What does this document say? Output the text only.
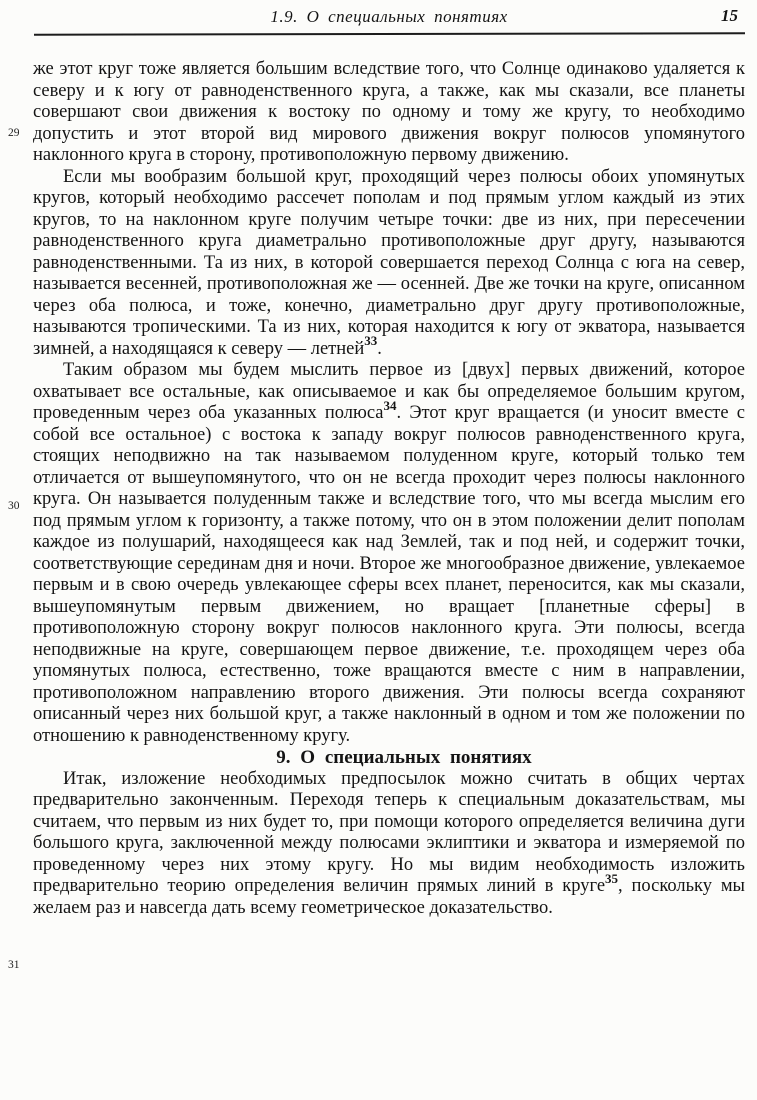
1.9. О специальных понятиях	15
29
30
31

же этот круг тоже является большим вследствие того, что Солнце одинаково удаляется к северу и к югу от равноденственного круга, а также, как мы сказали, все планеты совершают свои движения к востоку по одному и тому же кругу, то необходимо допустить и этот второй вид мирового движения вокруг полюсов упомянутого наклонного круга в сторону, противоположную первому движению.

Если мы вообразим большой круг, проходящий через полюсы обоих упомянутых кругов, который необходимо рассечет пополам и под прямым углом каждый из этих кругов, то на наклонном круге получим четыре точки: две из них, при пересечении равноденственного круга диаметрально противоположные друг другу, называются равноденственными. Та из них, в которой совершается переход Солнца с юга на север, называется весенней, противоположная же — осенней. Две же точки на круге, описанном через оба полюса, и тоже, конечно, диаметрально друг другу противоположные, называются тропическими. Та из них, которая находится к югу от экватора, называется зимней, а находящаяся к северу — летней$^{33}$.

Таким образом мы будем мыслить первое из [двух] первых движений, которое охватывает все остальные, как описываемое и как бы определяемое большим кругом, проведенным через оба указанных полюса$^{34}$. Этот круг вращается (и уносит вместе с собой все остальное) с востока к западу вокруг полюсов равноденственного круга, стоящих неподвижно на так называемом полуденном круге, который только тем отличается от вышеупомянутого, что он не всегда проходит через полюсы наклонного круга. Он называется полуденным также и вследствие того, что мы всегда мыслим его под прямым углом к горизонту, а также потому, что он в этом положении делит пополам каждое из полушарий, находящееся как над Землей, так и под ней, и содержит точки, соответствующие серединам дня и ночи. Второе же многообразное движение, увлекаемое первым и в свою очередь увлекающее сферы всех планет, переносится, как мы сказали, вышеупомянутым первым движением, но вращает [планетные сферы] в противоположную сторону вокруг полюсов наклонного круга. Эти полюсы, всегда неподвижные на круге, совершающем первое движение, т.е. проходящем через оба упомянутых полюса, естественно, тоже вращаются вместе с ним в направлении, противоположном направлению второго движения. Эти полюсы всегда сохраняют описанный через них большой круг, а также наклонный в одном и том же положении по отношению к равноденственному кругу.

9. О специальных понятиях

Итак, изложение необходимых предпосылок можно считать в общих чертах предварительно законченным. Переходя теперь к специальным доказательствам, мы считаем, что первым из них будет то, при помощи которого определяется величина дуги большого круга, заключенной между полюсами эклиптики и экватора и измеряемой по проведенному через них этому кругу. Но мы видим необходимость изложить предварительно теорию определения величин прямых линий в круге$^{35}$, поскольку мы желаем раз и навсегда дать всему геометрическое доказательство.
